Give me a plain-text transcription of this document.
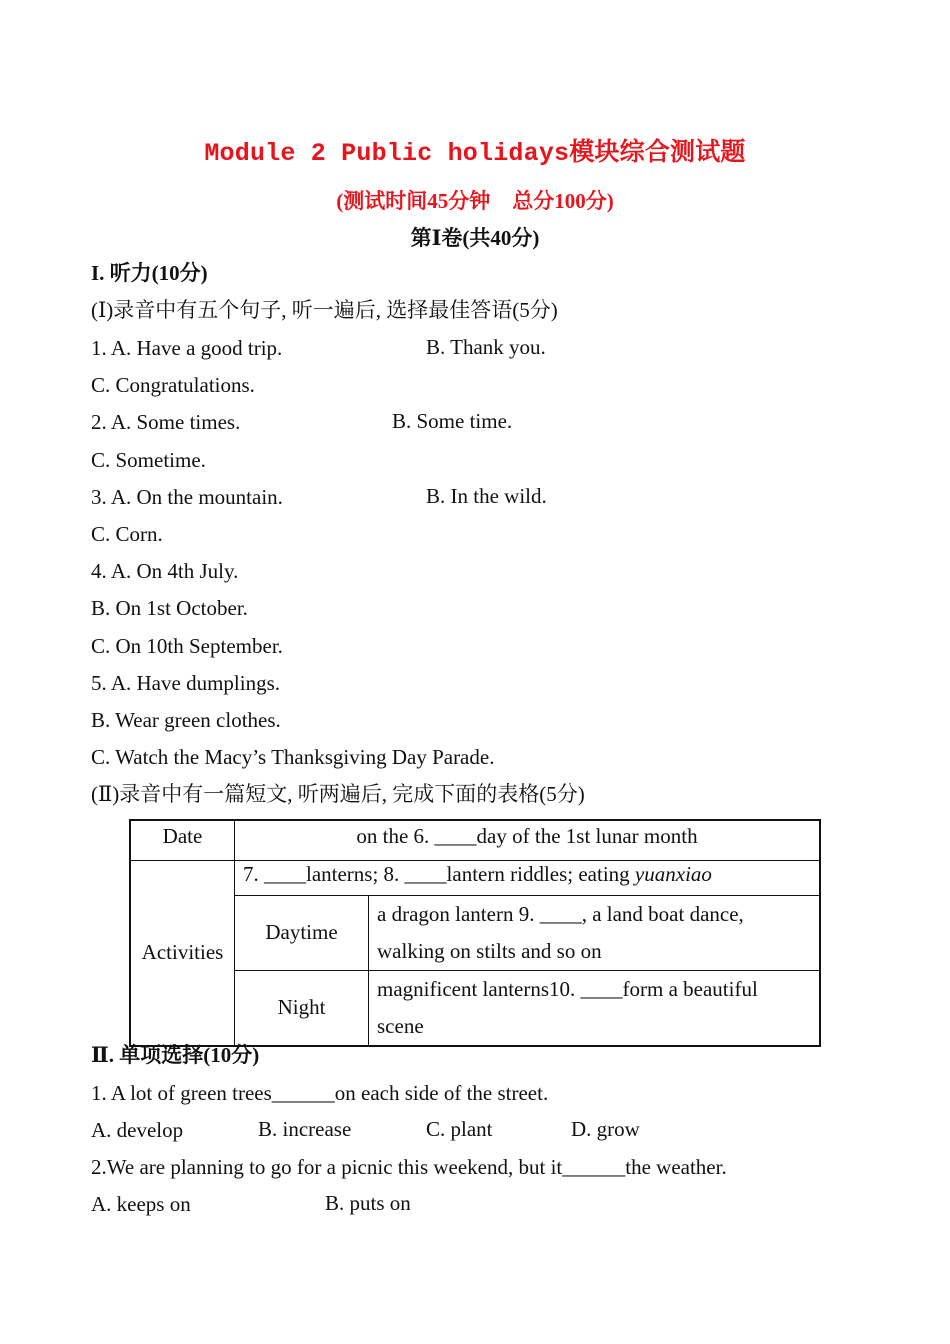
Module 2 Public holidays模块综合测试题
(测试时间45分钟 总分100分)
第Ⅰ卷(共40分)
I. 听力(10分)
(Ⅰ)录音中有五个句子, 听一遍后, 选择最佳答语(5分)
1. A. Have a good trip.	B. Thank you.
C. Congratulations.
2. A. Some times.	B. Some time.
C. Sometime.
3. A. On the mountain.	B. In the wild.
C. Corn.
4. A. On 4th July.
B. On 1st October.
C. On 10th September.
5. A. Have dumplings.
B. Wear green clothes.
C. Watch the Macy’s Thanksgiving Day Parade.
(Ⅱ)录音中有一篇短文, 听两遍后, 完成下面的表格(5分)
Date	on the 6. ____day of the 1st lunar month	
Activities	7. ____lanterns; 8. ____lantern riddles; eating yuanxiao	
	Daytime	a dragon lantern 9. ____, a land boat dance,
walking on stilts and so on

	Night	magnificent lanterns10. ____form a beautiful
scene
Ⅱ. 单项选择(10分)
1. A lot of green trees______on each side of the street.
A. develop	B. increase	C. plant	D. grow
2.We are planning to go for a picnic this weekend, but it______the weather.
A. keeps on	B. puts on
